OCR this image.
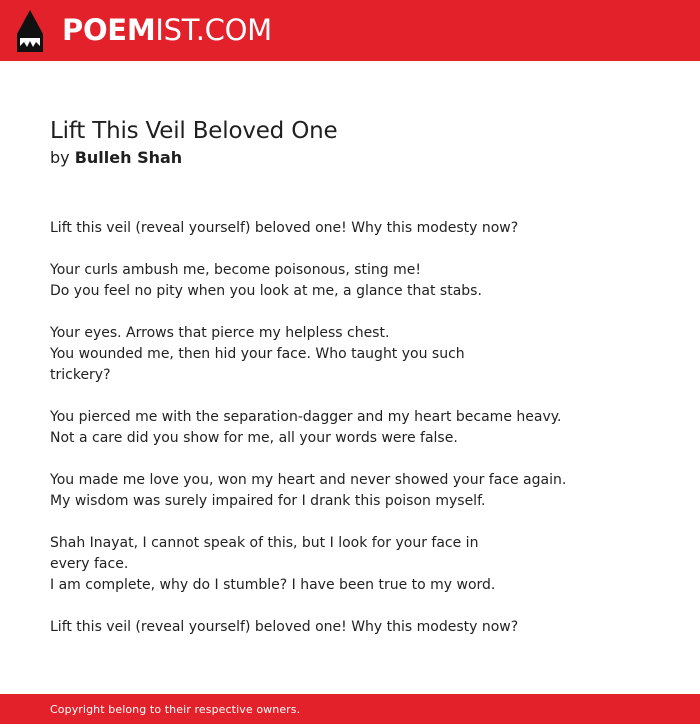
POEMIST.COM
Lift This Veil Beloved One
by Bulleh Shah
Lift this veil (reveal yourself) beloved one! Why this modesty now?
Your curls ambush me, become poisonous, sting me!
Do you feel no pity when you look at me, a glance that stabs.
Your eyes. Arrows that pierce my helpless chest.
You wounded me, then hid your face. Who taught you such trickery?
You pierced me with the separation-dagger and my heart became heavy.
Not a care did you show for me, all your words were false.
You made me love you, won my heart and never showed your face again.
My wisdom was surely impaired for I drank this poison myself.
Shah Inayat, I cannot speak of this, but I look for your face in every face.
I am complete, why do I stumble? I have been true to my word.
Lift this veil (reveal yourself) beloved one! Why this modesty now?
Copyright belong to their respective owners.
